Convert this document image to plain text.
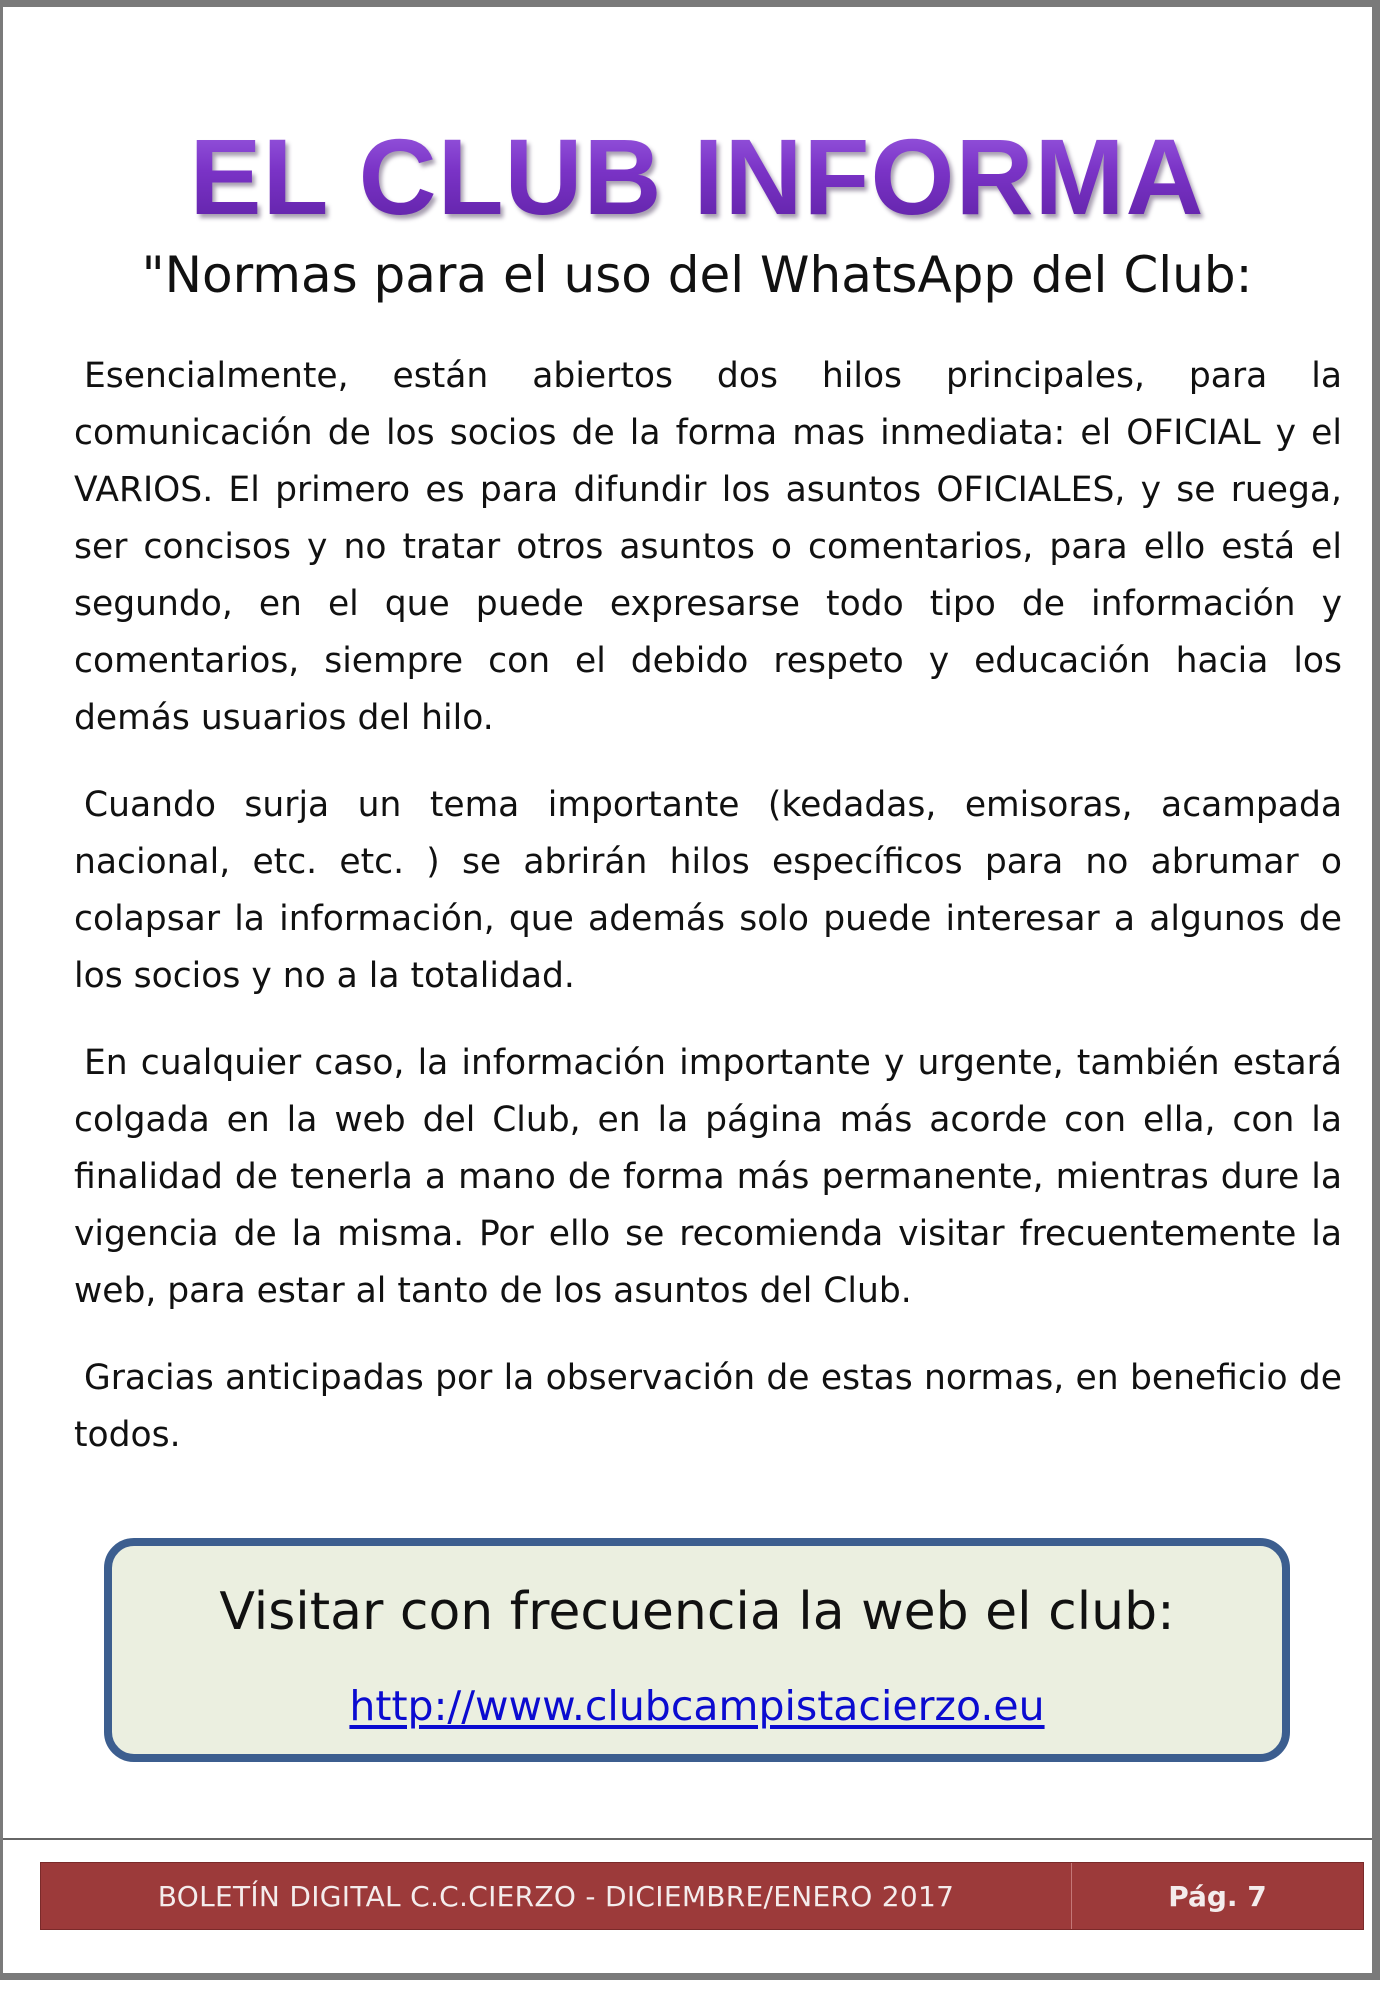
EL CLUB INFORMA
"Normas para el uso del WhatsApp del Club:

Esencialmente, están abiertos dos hilos principales, para la comunicación de los socios de la forma mas inmediata: el OFICIAL y el VARIOS. El primero es para difundir los asuntos OFICIALES, y se ruega, ser concisos y no tratar otros asuntos o comentarios, para ello está el segundo, en el que puede expresarse todo tipo de información y comentarios, siempre con el debido respeto y educación hacia los demás usuarios del hilo.

Cuando surja un tema importante (kedadas, emisoras, acampada nacional, etc. etc. ) se abrirán hilos específicos para no abrumar o colapsar la información, que además solo puede interesar a algunos de los socios y no a la totalidad.

En cualquier caso, la información importante y urgente, también estará colgada en la web del Club, en la página más acorde con ella, con la finalidad de tenerla a mano de forma más permanente, mientras dure la vigencia de la misma. Por ello se recomienda visitar frecuentemente la web, para estar al tanto de los asuntos del Club.

Gracias anticipadas por la observación de estas normas, en beneficio de todos.

Visitar con frecuencia la web el club:
http://www.clubcampistacierzo.eu
BOLETÍN DIGITAL C.C.CIERZO - DICIEMBRE/ENERO 2017	Pág. 7
